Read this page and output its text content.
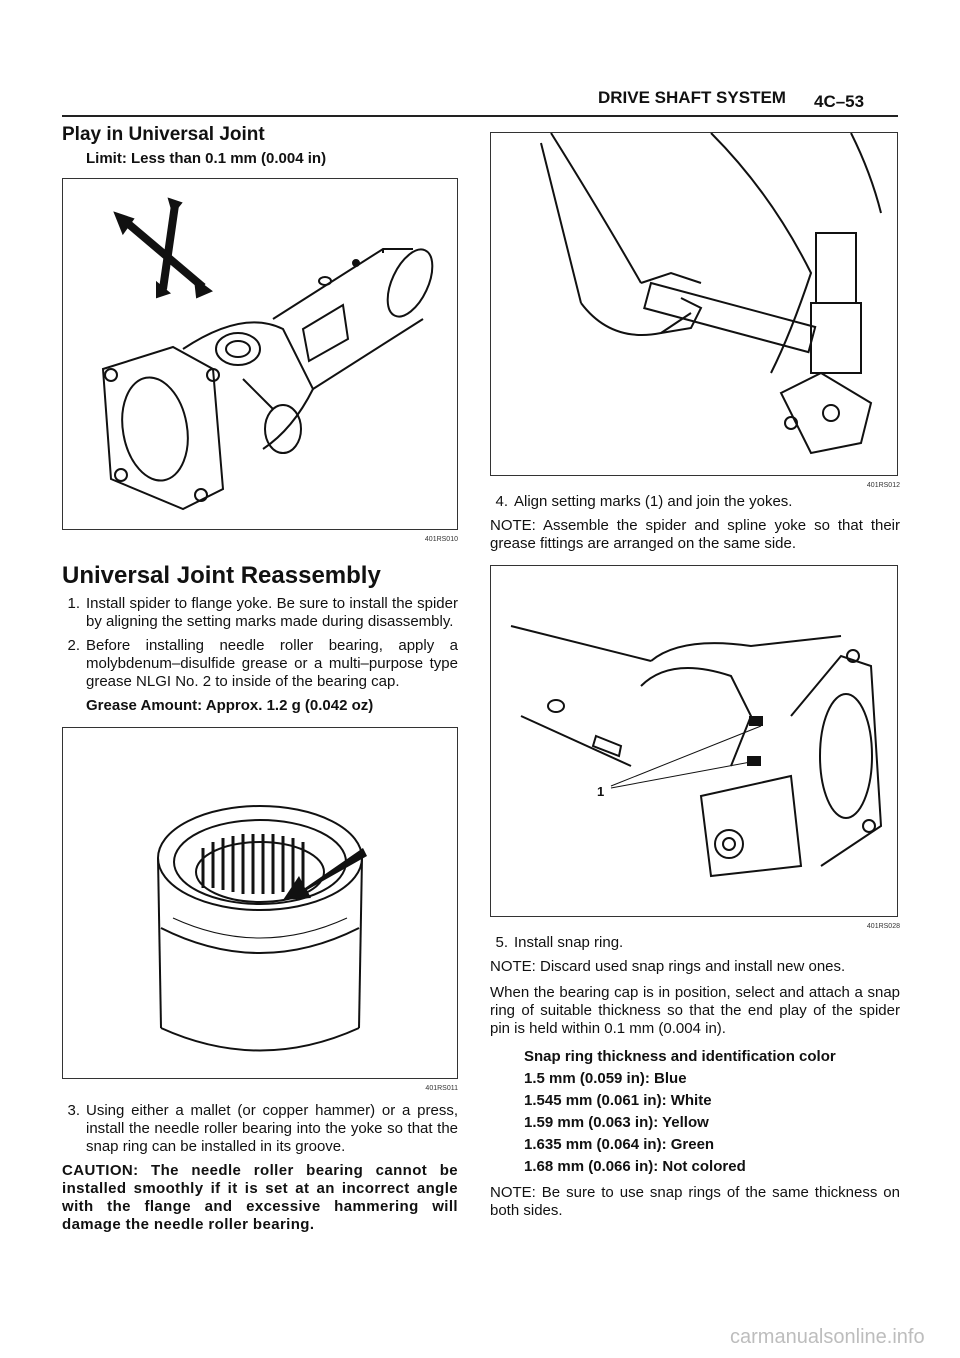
DRIVE SHAFT SYSTEM 4C–53
Play in Universal Joint
Limit: Less than 0.1 mm (0.004 in)
401RS010
Universal Joint Reassembly
1. Install spider to flange yoke. Be sure to install the spider by aligning the setting marks made during disassembly.
2. Before installing needle roller bearing, apply a molybdenum–disulfide grease or a multi–purpose type grease NLGI No. 2 to inside of the bearing cap.
Grease Amount: Approx. 1.2 g (0.042 oz)
401RS011
3. Using either a mallet (or copper hammer) or a press, install the needle roller bearing into the yoke so that the snap ring can be installed in its groove.
CAUTION: The needle roller bearing cannot be installed smoothly if it is set at an incorrect angle with the flange and excessive hammering will damage the needle roller bearing.
401RS012
4. Align setting marks (1) and join the yokes.
NOTE: Assemble the spider and spline yoke so that their grease fittings are arranged on the same side.
1
401RS028
5. Install snap ring.
NOTE: Discard used snap rings and install new ones.
When the bearing cap is in position, select and attach a snap ring of suitable thickness so that the end play of the spider pin is held within 0.1 mm (0.004 in).
Snap ring thickness and identification color
1.5 mm (0.059 in): Blue
1.545 mm (0.061 in): White
1.59 mm (0.063 in): Yellow
1.635 mm (0.064 in): Green
1.68 mm (0.066 in): Not colored
NOTE: Be sure to use snap rings of the same thickness on both sides.
carmanualsonline.info
